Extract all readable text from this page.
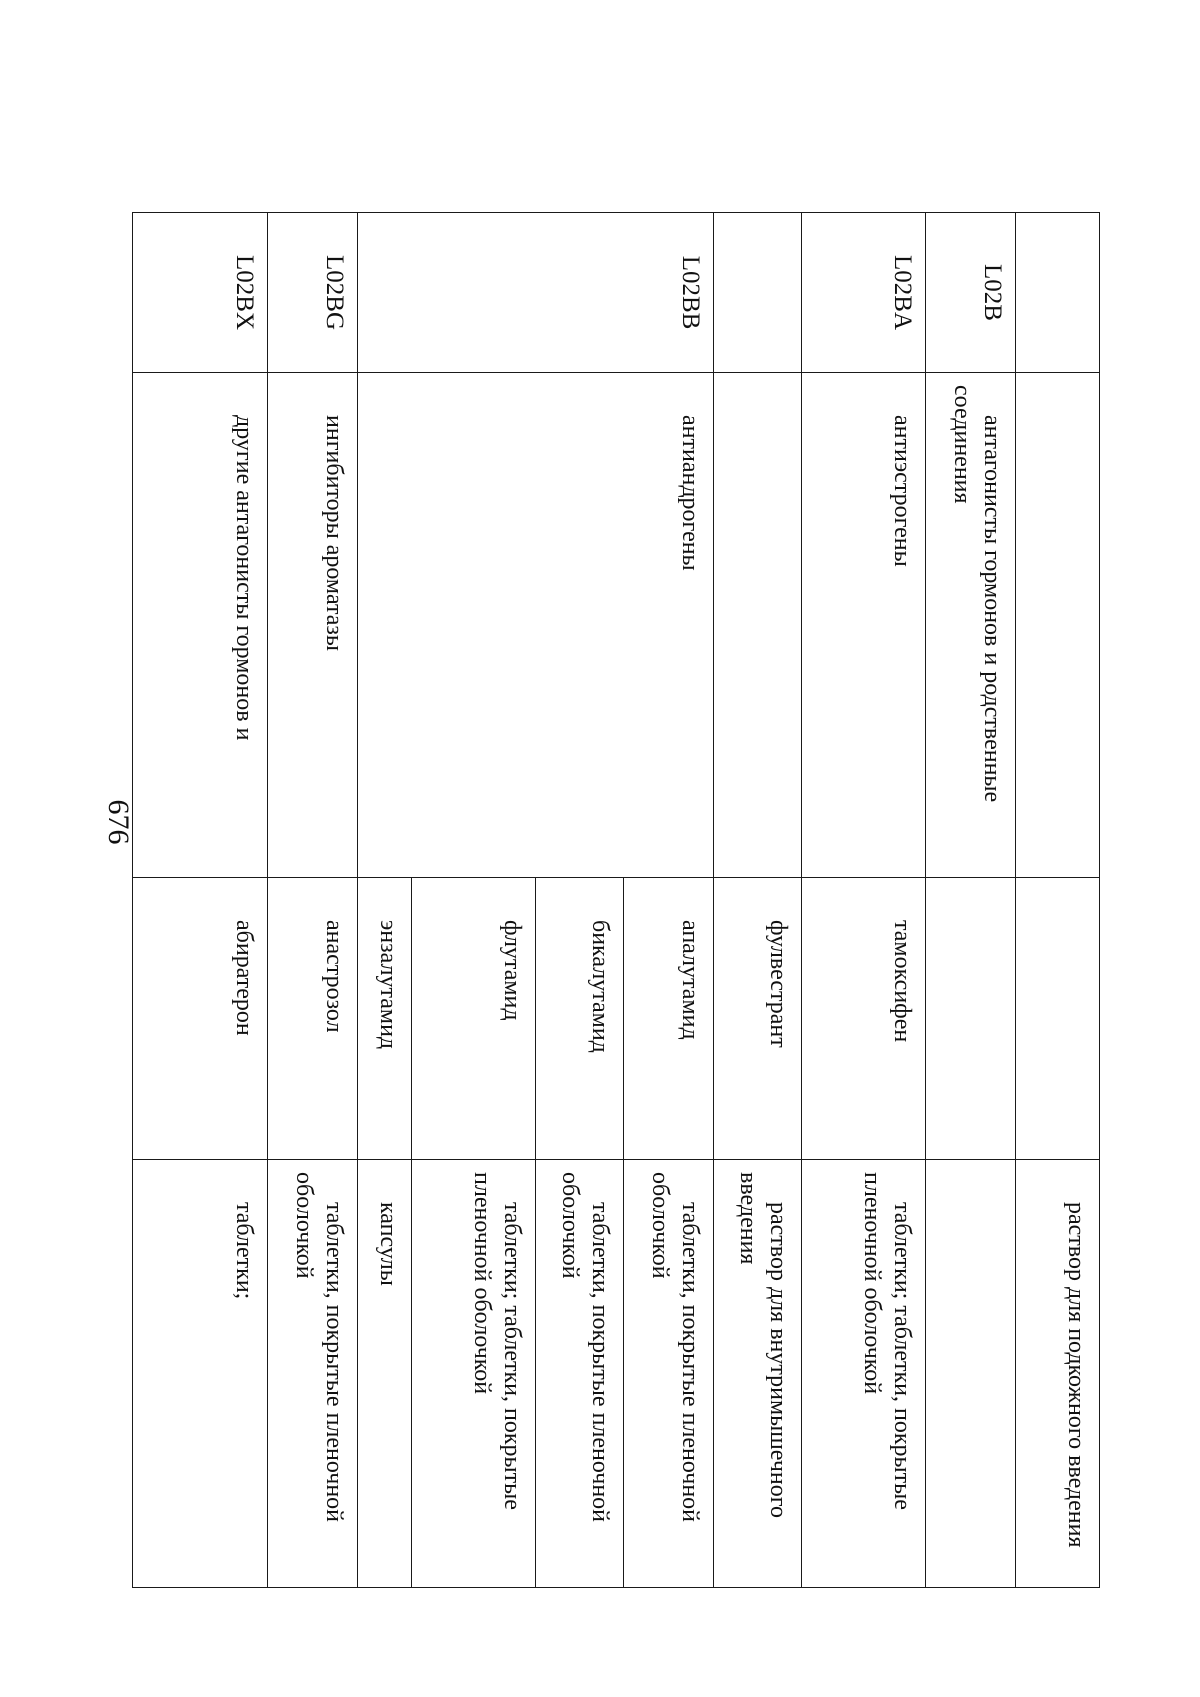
676
			раствор для подкожного введения
L02B	антагонисты гормонов и родственные соединения		
L02BA	антиэстрогены	тамоксифен	таблетки; таблетки, покрытые пленочной оболочкой
		фулвестрант	раствор для внутримышечного введения
L02BB	антиандрогены	апалутамид	таблетки, покрытые пленочной оболочкой
		бикалутамид	таблетки, покрытые пленочной оболочкой
		флутамид	таблетки; таблетки, покрытые пленочной оболочкой
		энзалутамид	капсулы
L02BG	ингибиторы ароматазы	анастрозол	таблетки, покрытые пленочной оболочкой
L02BX	другие антагонисты гормонов и	абиратерон	таблетки;
